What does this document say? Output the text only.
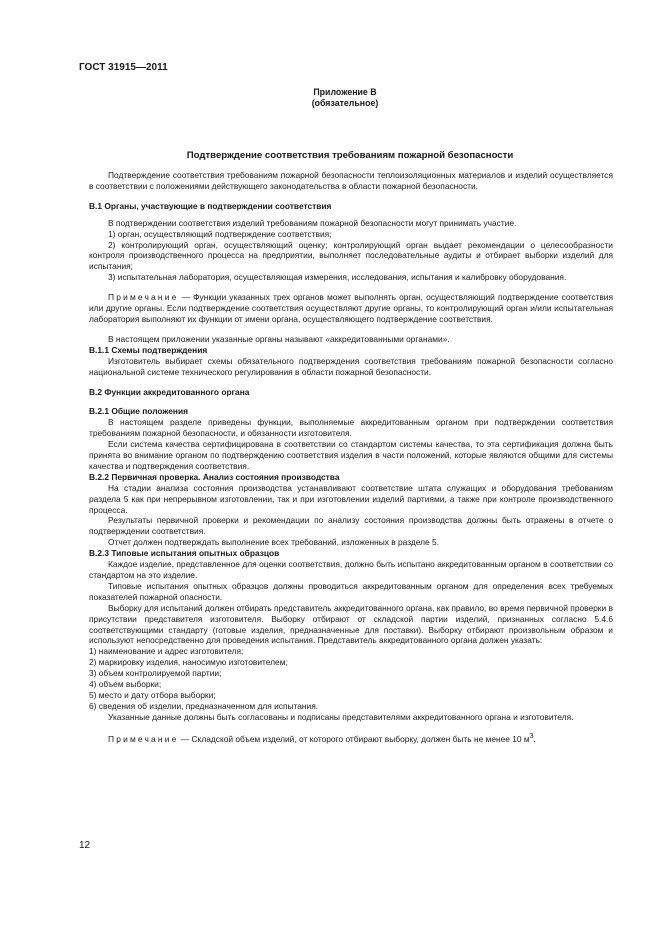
ГОСТ 31915—2011
Приложение В
(обязательное)
Подтверждение соответствия требованиям пожарной безопасности

Подтверждение соответствия требованиям пожарной безопасности теплоизоляционных материалов и изделий осуществляется в соответствии с положениями действующего законодательства в области пожарной безопасности.

В.1 Органы, участвующие в подтверждении соответствия

В подтверждении соответствия изделий требованиям пожарной безопасности могут принимать участие.

1) орган, осуществляющий подтверждение соответствия;

2) контролирующий орган, осуществляющий оценку; контролирующий орган выдает рекомендации о целесообразности контроля производственного процесса на предприятии, выполняет последовательные аудиты и отбирает выборки изделий для испытания;

3) испытательная лаборатория, осуществляющая измерения, исследования, испытания и калибровку оборудования.

Примечание — Функции указанных трех органов может выполнять орган, осуществляющий подтверждение соответствия или другие органы. Если подтверждение соответствия осуществляют другие органы, то контролирующий орган и/или испытательная лаборатория выполняют их функции от имени органа, осуществляющего подтверждение соответствия.

В настоящем приложении указанные органы называют «аккредитованными органами».

В.1.1 Схемы подтверждения

Изготовитель выбирает схемы обязательного подтверждения соответствия требованиям пожарной безопасности согласно национальной системе технического регулирования в области пожарной безопасности.

В.2 Функции аккредитованного органа

В.2.1 Общие положения

В настоящем разделе приведены функции, выполняемые аккредитованным органом при подтверждении соответствия требованиям пожарной безопасности, и обязанности изготовителя.

Если система качества сертифицирована в соответствии со стандартом системы качества, то эта сертификация должна быть принята во внимание органом по подтверждению соответствия изделия в части положений, которые являются общими для системы качества и подтверждения соответствия.

В.2.2 Первичная проверка. Анализ состояния производства

На стадии анализа состояния производства устанавливают соответствие штата служащих и оборудования требованиям раздела 5 как при непрерывном изготовлении, так и при изготовлении изделий партиями, а также при контроле производственного процесса.

Результаты первичной проверки и рекомендации по анализу состояния производства должны быть отражены в отчете о подтверждении соответствия.

Отчет должен подтверждать выполнение всех требований, изложенных в разделе 5.

В.2.3 Типовые испытания опытных образцов

Каждое изделие, представленное для оценки соответствия, должно быть испытано аккредитованным органом в соответствии со стандартом на это изделие.

Типовые испытания опытных образцов должны проводиться аккредитованным органом для определения всех требуемых показателей пожарной опасности.

Выборку для испытаний должен отбирать представитель аккредитованного органа, как правило, во время первичной проверки в присутствии представителя изготовителя. Выборку отбирают от складской партии изделий, признанных согласно 5.4.6 соответствующими стандарту (готовые изделия, предназначенные для поставки). Выборку отбирают произвольным образом и используют непосредственно для проведения испытания. Представитель аккредитованного органа должен указать:

1) наименование и адрес изготовителя;

2) маркировку изделия, наносимую изготовителем;

3) объем контролируемой партии;

4) объем выборки;

5) место и дату отбора выборки;

6) сведения об изделии, предназначенном для испытания.

Указанные данные должны быть согласованы и подписаны представителями аккредитованного органа и изготовителя.

Примечание — Складской объем изделий, от которого отбирают выборку, должен быть не менее 10 $м^3$.

12
